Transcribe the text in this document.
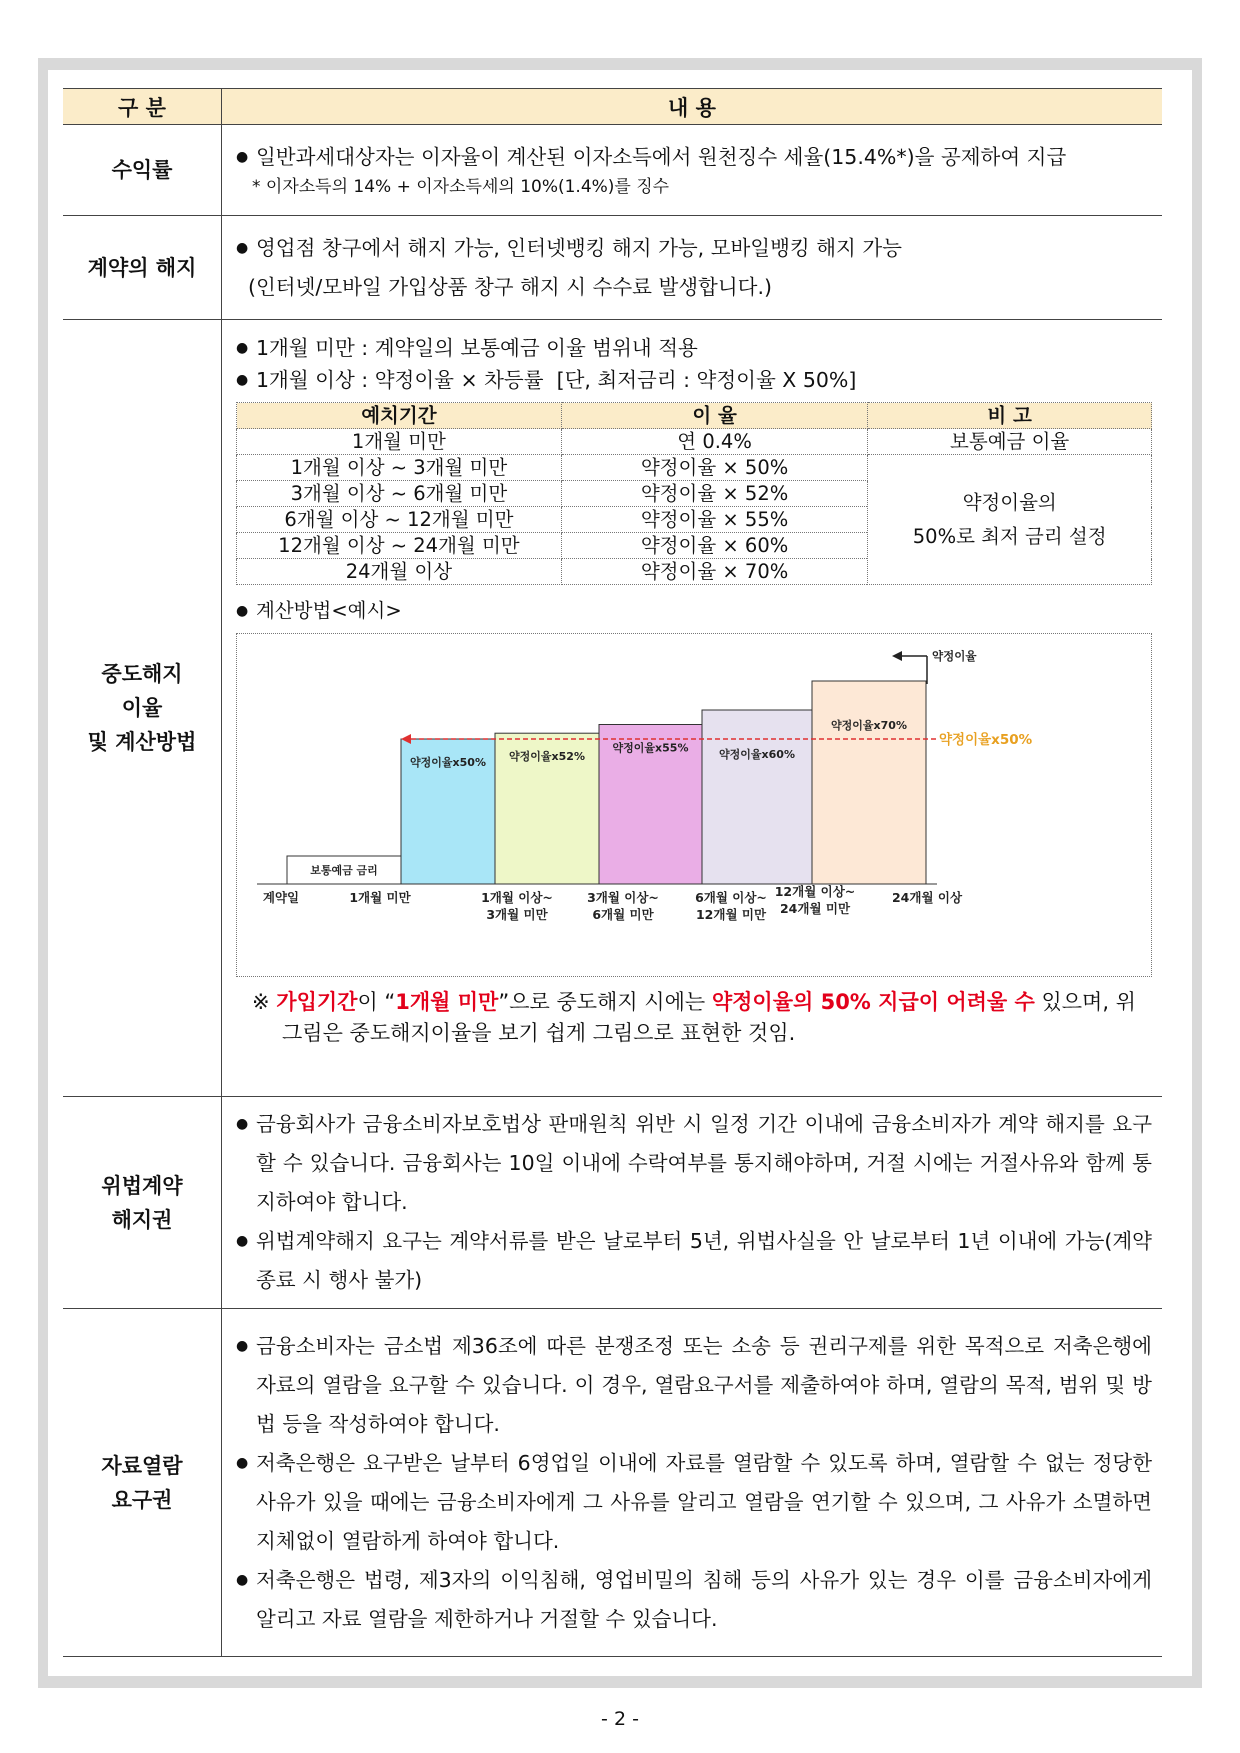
구 분	내 용
수익률	
● 일반과세대상자는 이자율이 계산된 이자소득에서 원천징수 세율(15.4%*)을 공제하여 지급
* 이자소득의 14% + 이자소득세의 10%(1.4%)를 징수

계약의 해지	
● 영업점 창구에서 해지 가능, 인터넷뱅킹 해지 가능, 모바일뱅킹 해지 가능
(인터넷/모바일 가입상품 창구 해지 시 수수료 발생합니다.)

중도해지
이율
및 계산방법

● 1개월 미만 : 계약일의 보통예금 이율 범위내 적용
● 1개월 이상 : 약정이율 × 차등률  [단, 최저금리 : 약정이율 X 50%]
예치기간	이 율	비 고
1개월 미만	연 0.4%	보통예금 이율
1개월 이상 ~ 3개월 미만	약정이율 × 50%	
약정이율의
50%로 최저 금리 설정

3개월 이상 ~ 6개월 미만	약정이율 × 52%
6개월 이상 ~ 12개월 미만	약정이율 × 55%
12개월 이상 ~ 24개월 미만	약정이율 × 60%
24개월 이상	약정이율 × 70%
● 계산방법<예시>
보통예금 금리
약정이율x50% 약정이율x52%
약정이율x55%	약정이율x60%
약정이율x70%
약정이율x50%
약정이율
계약일	1개월 미만	1개월 이상~
3개월 미만
3개월 이상~
6개월 미만
6개월 이상~
12개월 미만
12개월 이상~
24개월 미만
24개월 이상
※ 가입기간이 “1개월 미만”으로 중도해지 시에는 약정이율의 50% 지급이 어려울 수 있으며, 위 그림은 중도해지이율을 보기 쉽게 그림으로 표현한 것임.

위법계약
해지권

● 금융회사가 금융소비자보호법상 판매원칙 위반 시 일정 기간 이내에 금융소비자가 계약 해지를 요구할 수 있습니다. 금융회사는 10일 이내에 수락여부를 통지해야하며, 거절 시에는 거절사유와 함께 통지하여야 합니다.
● 위법계약해지 요구는 계약서류를 받은 날로부터 5년, 위법사실을 안 날로부터 1년 이내에 가능(계약 종료 시 행사 불가)

자료열람
요구권

● 금융소비자는 금소법 제36조에 따른 분쟁조정 또는 소송 등 권리구제를 위한 목적으로 저축은행에 자료의 열람을 요구할 수 있습니다. 이 경우, 열람요구서를 제출하여야 하며, 열람의 목적, 범위 및 방법 등을 작성하여야 합니다.
● 저축은행은 요구받은 날부터 6영업일 이내에 자료를 열람할 수 있도록 하며, 열람할 수 없는 정당한 사유가 있을 때에는 금융소비자에게 그 사유를 알리고 열람을 연기할 수 있으며, 그 사유가 소멸하면 지체없이 열람하게 하여야 합니다.
● 저축은행은 법령, 제3자의 이익침해, 영업비밀의 침해 등의 사유가 있는 경우 이를 금융소비자에게 알리고 자료 열람을 제한하거나 거절할 수 있습니다.
- 2 -
